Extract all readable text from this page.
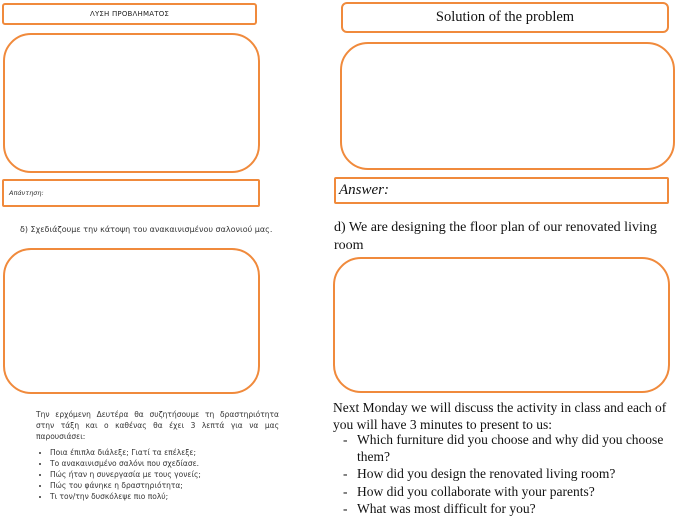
ΛΥΣΗ ΠΡΟΒΛΗΜΑΤΟΣ
Απάντηση:
δ) Σχεδιάζουμε την κάτοψη του ανακαινισμένου σαλονιού μας.
Την ερχόμενη Δευτέρα θα συζητήσουμε τη δραστηριότητα στην τάξη και ο καθένας θα έχει 3 λεπτά για να μας παρουσιάσει:
• Ποια έπιπλα διάλεξε; Γιατί τα επέλεξε;
• Το ανακαινισμένο σαλόνι που σχεδίασε.
• Πώς ήταν η συνεργασία με τους γονείς;
• Πώς του φάνηκε η δραστηριότητα;
• Τι τον/την δυσκόλεψε πιο πολύ;
Solution of the problem
Answer:
d) We are designing the floor plan of our renovated living room
Next Monday we will discuss the activity in class and each of you will have 3 minutes to present to us:
- Which furniture did you choose and why did you choose them?
- How did you design the renovated living room?
- How did you collaborate with your parents?
- What was most difficult for you?
